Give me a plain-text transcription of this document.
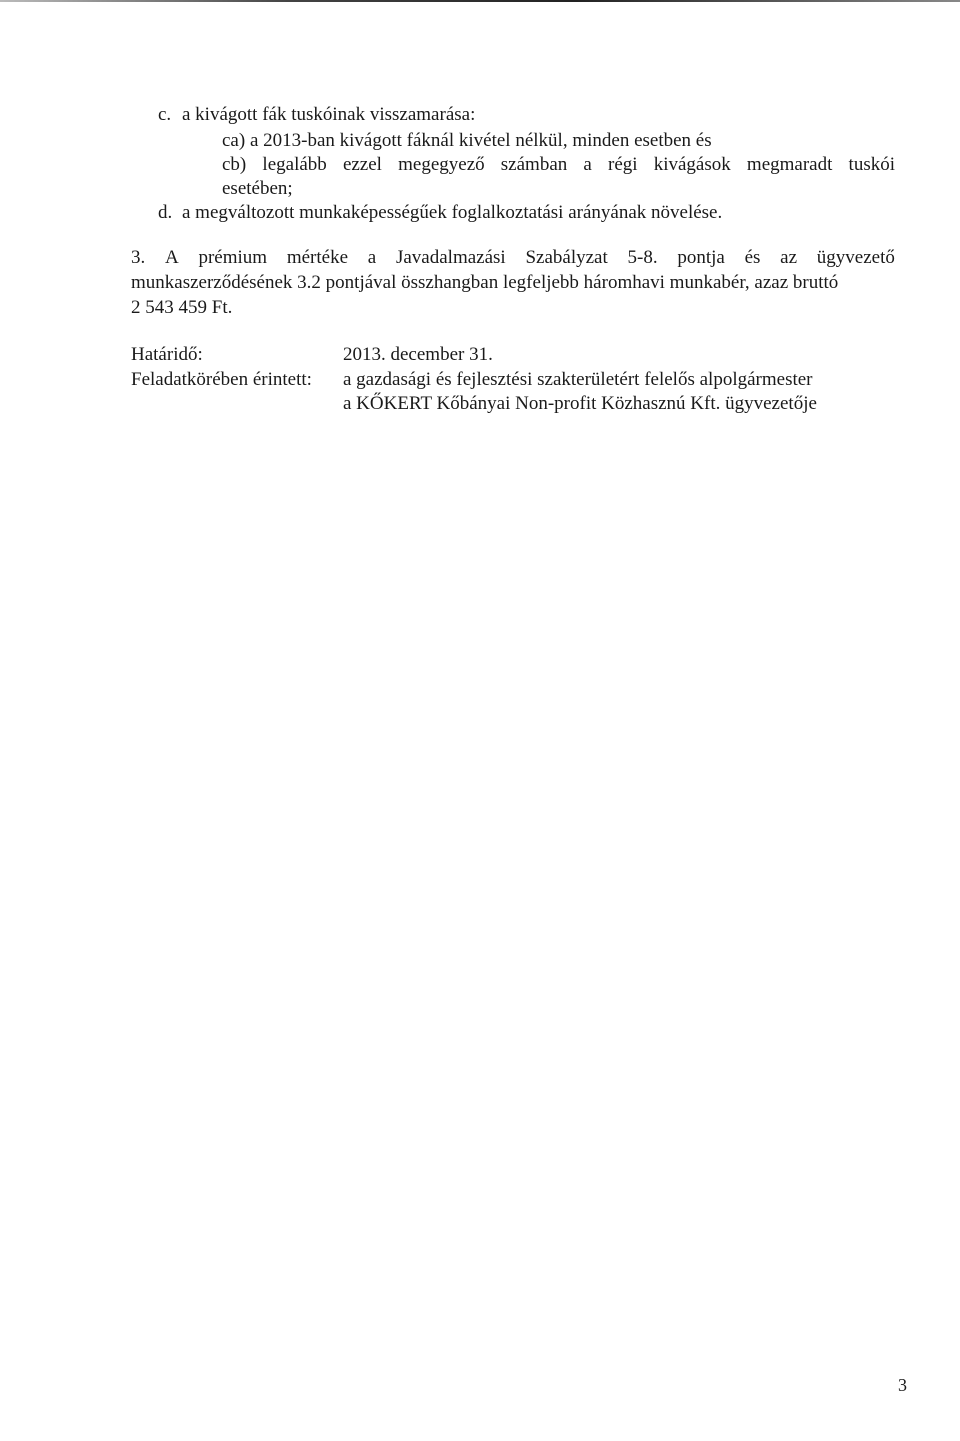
c. a kivágott fák tuskóinak visszamarása:
ca) a 2013-ban kivágott fáknál kivétel nélkül, minden esetben és
cb) legalább ezzel megegyező számban a régi kivágások megmaradt tuskói
esetében;
d. a megváltozott munkaképességűek foglalkoztatási arányának növelése.
3. A prémium mértéke a Javadalmazási Szabályzat 5-8. pontja és az ügyvezető
munkaszerződésének 3.2 pontjával összhangban legfeljebb háromhavi munkabér, azaz bruttó
2 543 459 Ft.
Határidő:	2013. december 31.
Feladatkörében érintett: a gazdasági és fejlesztési szakterületért felelős alpolgármester
a KŐKERT Kőbányai Non-profit Közhasznú Kft. ügyvezetője
3
